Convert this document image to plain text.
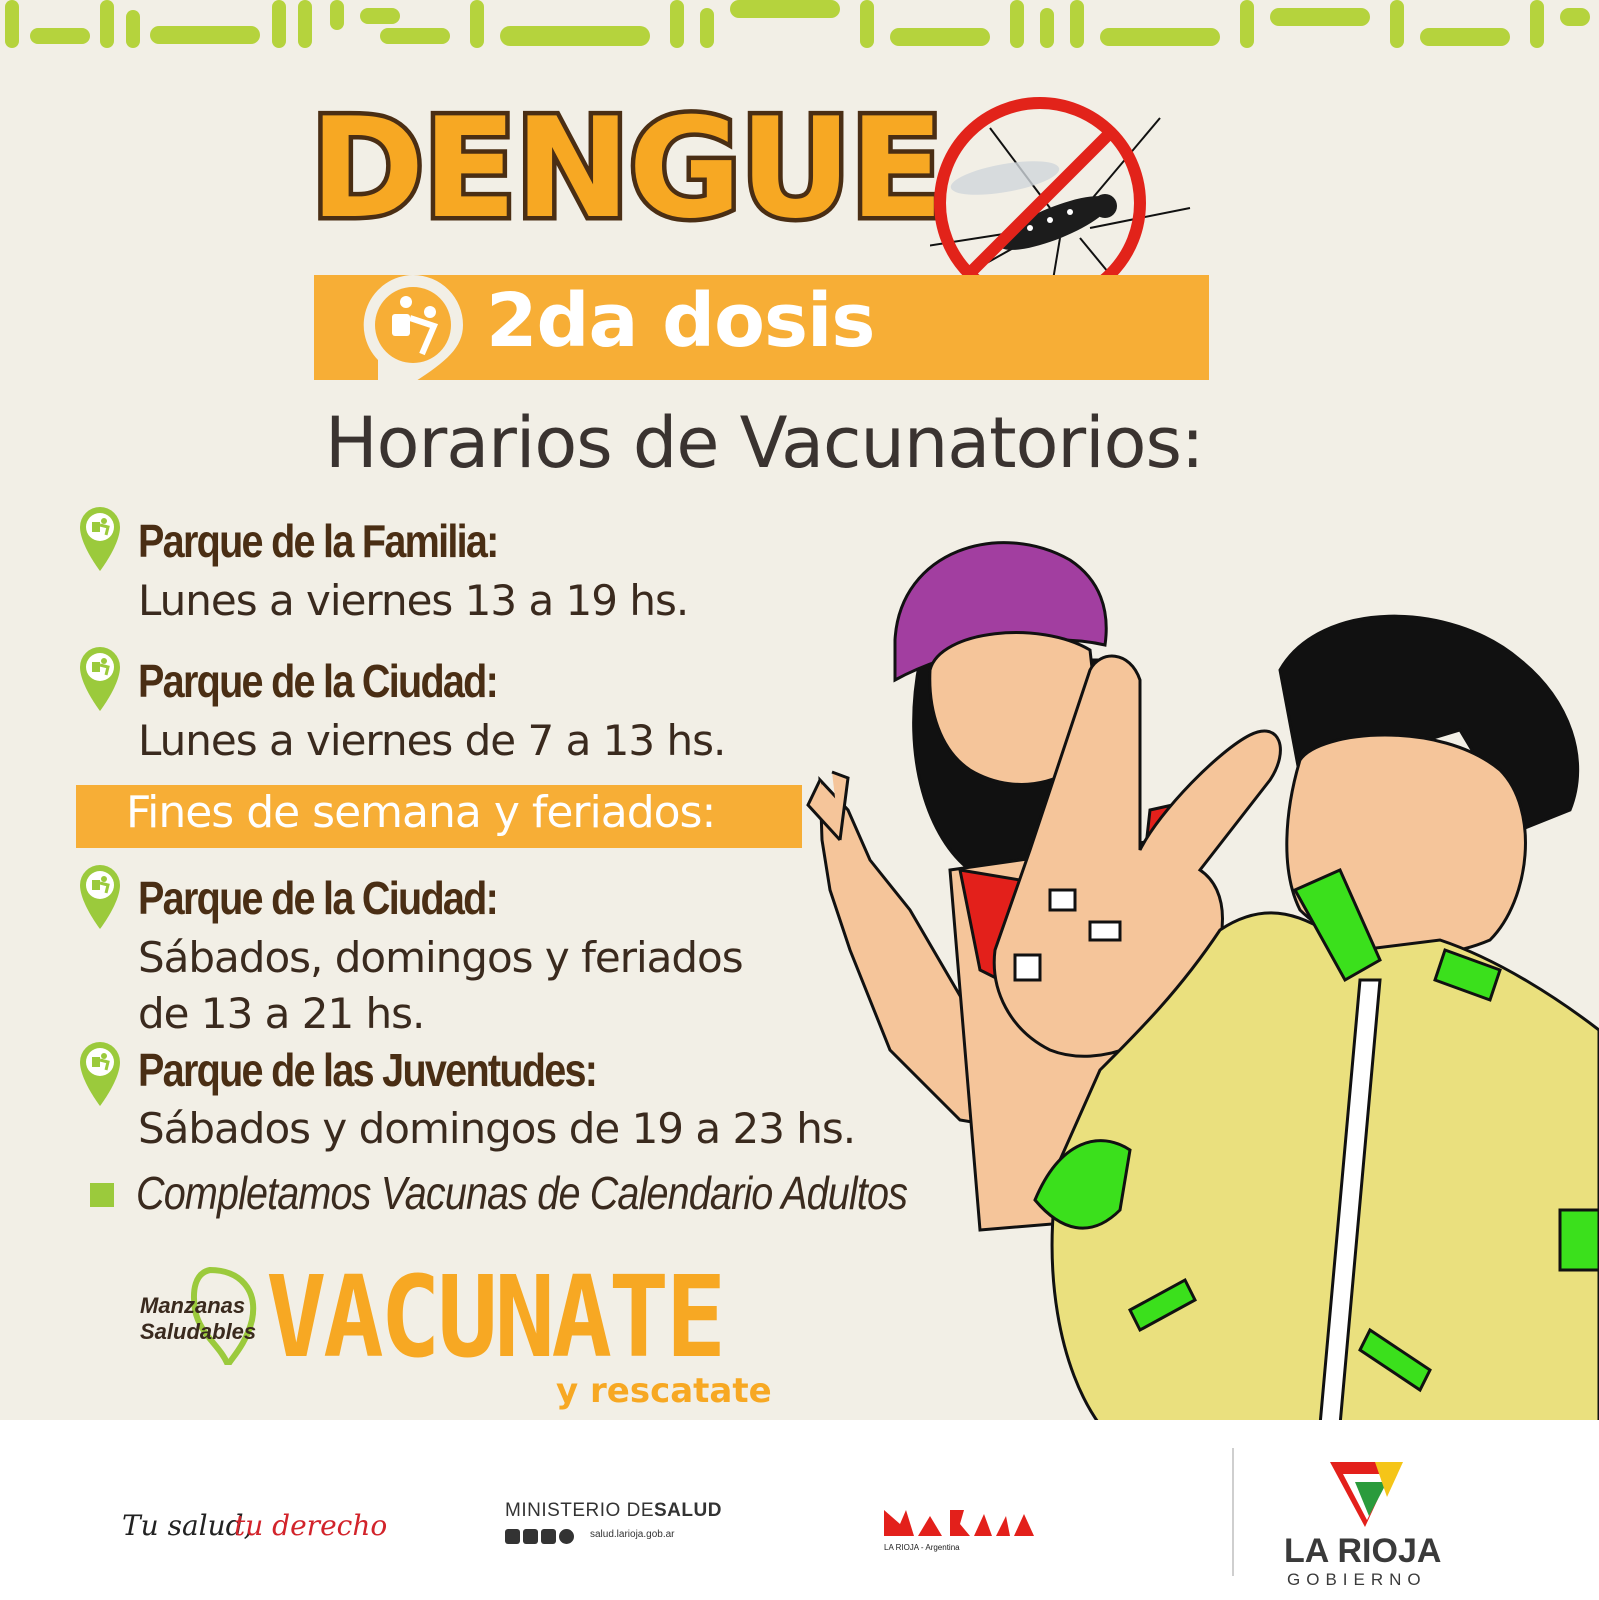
DENGUE
2da dosis
Horarios de Vacunatorios:
Parque de la Familia:
Lunes a viernes 13 a 19 hs.
Parque de la Ciudad:
Lunes a viernes de 7 a 13 hs.
Fines de semana y feriados:
Parque de la Ciudad:
Sábados, domingos y feriados
de 13 a 21 hs.
Parque de las Juventudes:
Sábados y domingos de 19 a 23 hs.
Completamos Vacunas de Calendario Adultos
Manzanas
Saludables VACUNATE
y rescatate
Tu salud,
tu derecho	MINISTERIO DE SALUD
salud.larioja.gob.ar
LA RIOJA - Argentina	LA RIOJA
GOBIERNO
